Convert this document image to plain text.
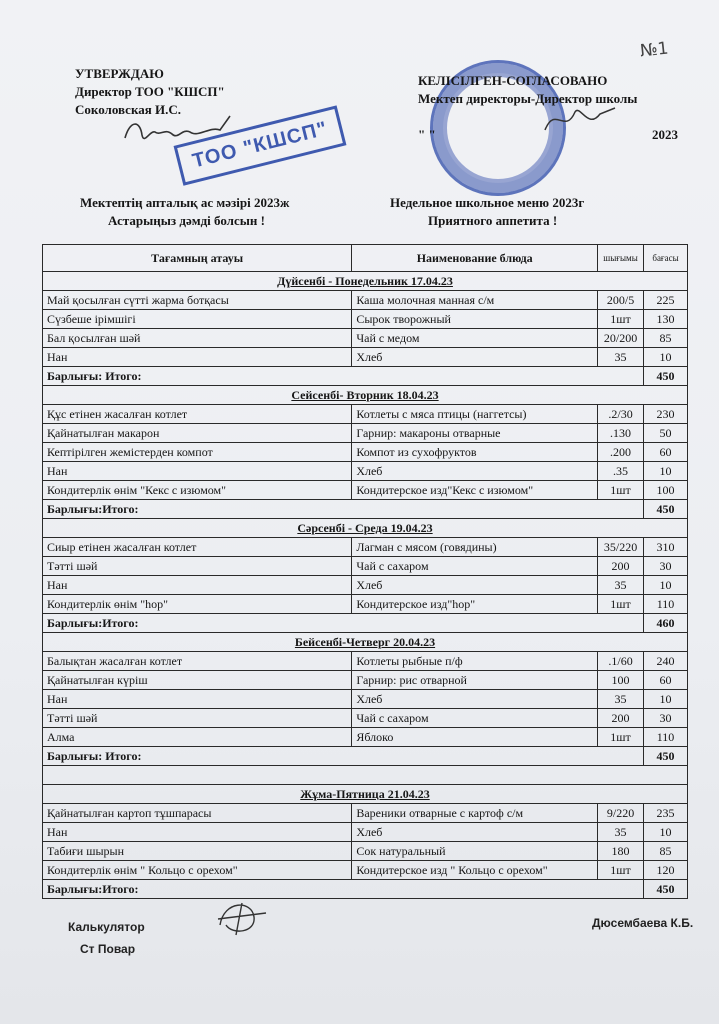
УТВЕРЖДАЮ
Директор ТОО "КШСП"
Соколовская И.С.
ТОО "КШСП"
№1
КЕЛІСІЛГЕН-СОГЛАСОВАНО
Мектеп директоры-Директор школы
" "	2023
Мектептің апталық ас мәзірі 2023ж
Астарыңыз дәмді болсын !
Недельное школьное меню 2023г
Приятного аппетита !
Тағамның атауы	Наименование блюда	шығымы	бағасы
Дүйсенбі - Понедельник 17.04.23			
Май қосылған сүтті жарма ботқасы	Каша молочная манная с/м	200/5	225
Сүзбеше ірімшігі	Сырок творожный	1шт	130
Бал қосылған шәй	Чай с медом	20/200	85
Нан	Хлеб	35	10
Барлығы: Итого:			450
Сейсенбі- Вторник 18.04.23			
Құс етінен жасалған котлет	Котлеты с мяса птицы (наггетсы)	.2/30	230
Қайнатылған макарон	Гарнир: макароны отварные	.130	50
Кептірілген жемістерден компот	Компот из сухофруктов	.200	60
Нан	Хлеб	.35	10
Кондитерлік өнім "Кекс с изюмом"	Кондитерское изд"Кекс с изюмом"	1шт	100
Барлығы:Итого:			450
Сәрсенбі - Среда 19.04.23			
Сиыр етінен жасалған котлет	Лагман с мясом (говядины)	35/220	310
Тәтті шәй	Чай с сахаром	200	30
Нан	Хлеб	35	10
Кондитерлік өнім "hop"	Кондитерское изд"hop"	1шт	110
Барлығы:Итого:			460
Бейсенбі-Четверг 20.04.23			
Балықтан жасалған котлет	Котлеты рыбные п/ф	.1/60	240
Қайнатылған күріш	Гарнир: рис отварной	100	60
Нан	Хлеб	35	10
Тәтті шәй	Чай с сахаром	200	30
Алма	Яблоко	1шт	110
Барлығы: Итого:			450

Жұма-Пятница 21.04.23			
Қайнатылған картоп тұшпарасы	Вареники отварные с картоф с/м	9/220	235
Нан	Хлеб	35	10
Табиғи шырын	Сок натуральный	180	85
Кондитерлік өнім " Кольцо с орехом"	Кондитерское изд " Кольцо с орехом"	1шт	120
Барлығы:Итого:			450
Калькулятор
Ст Повар
Дюсембаева К.Б.
